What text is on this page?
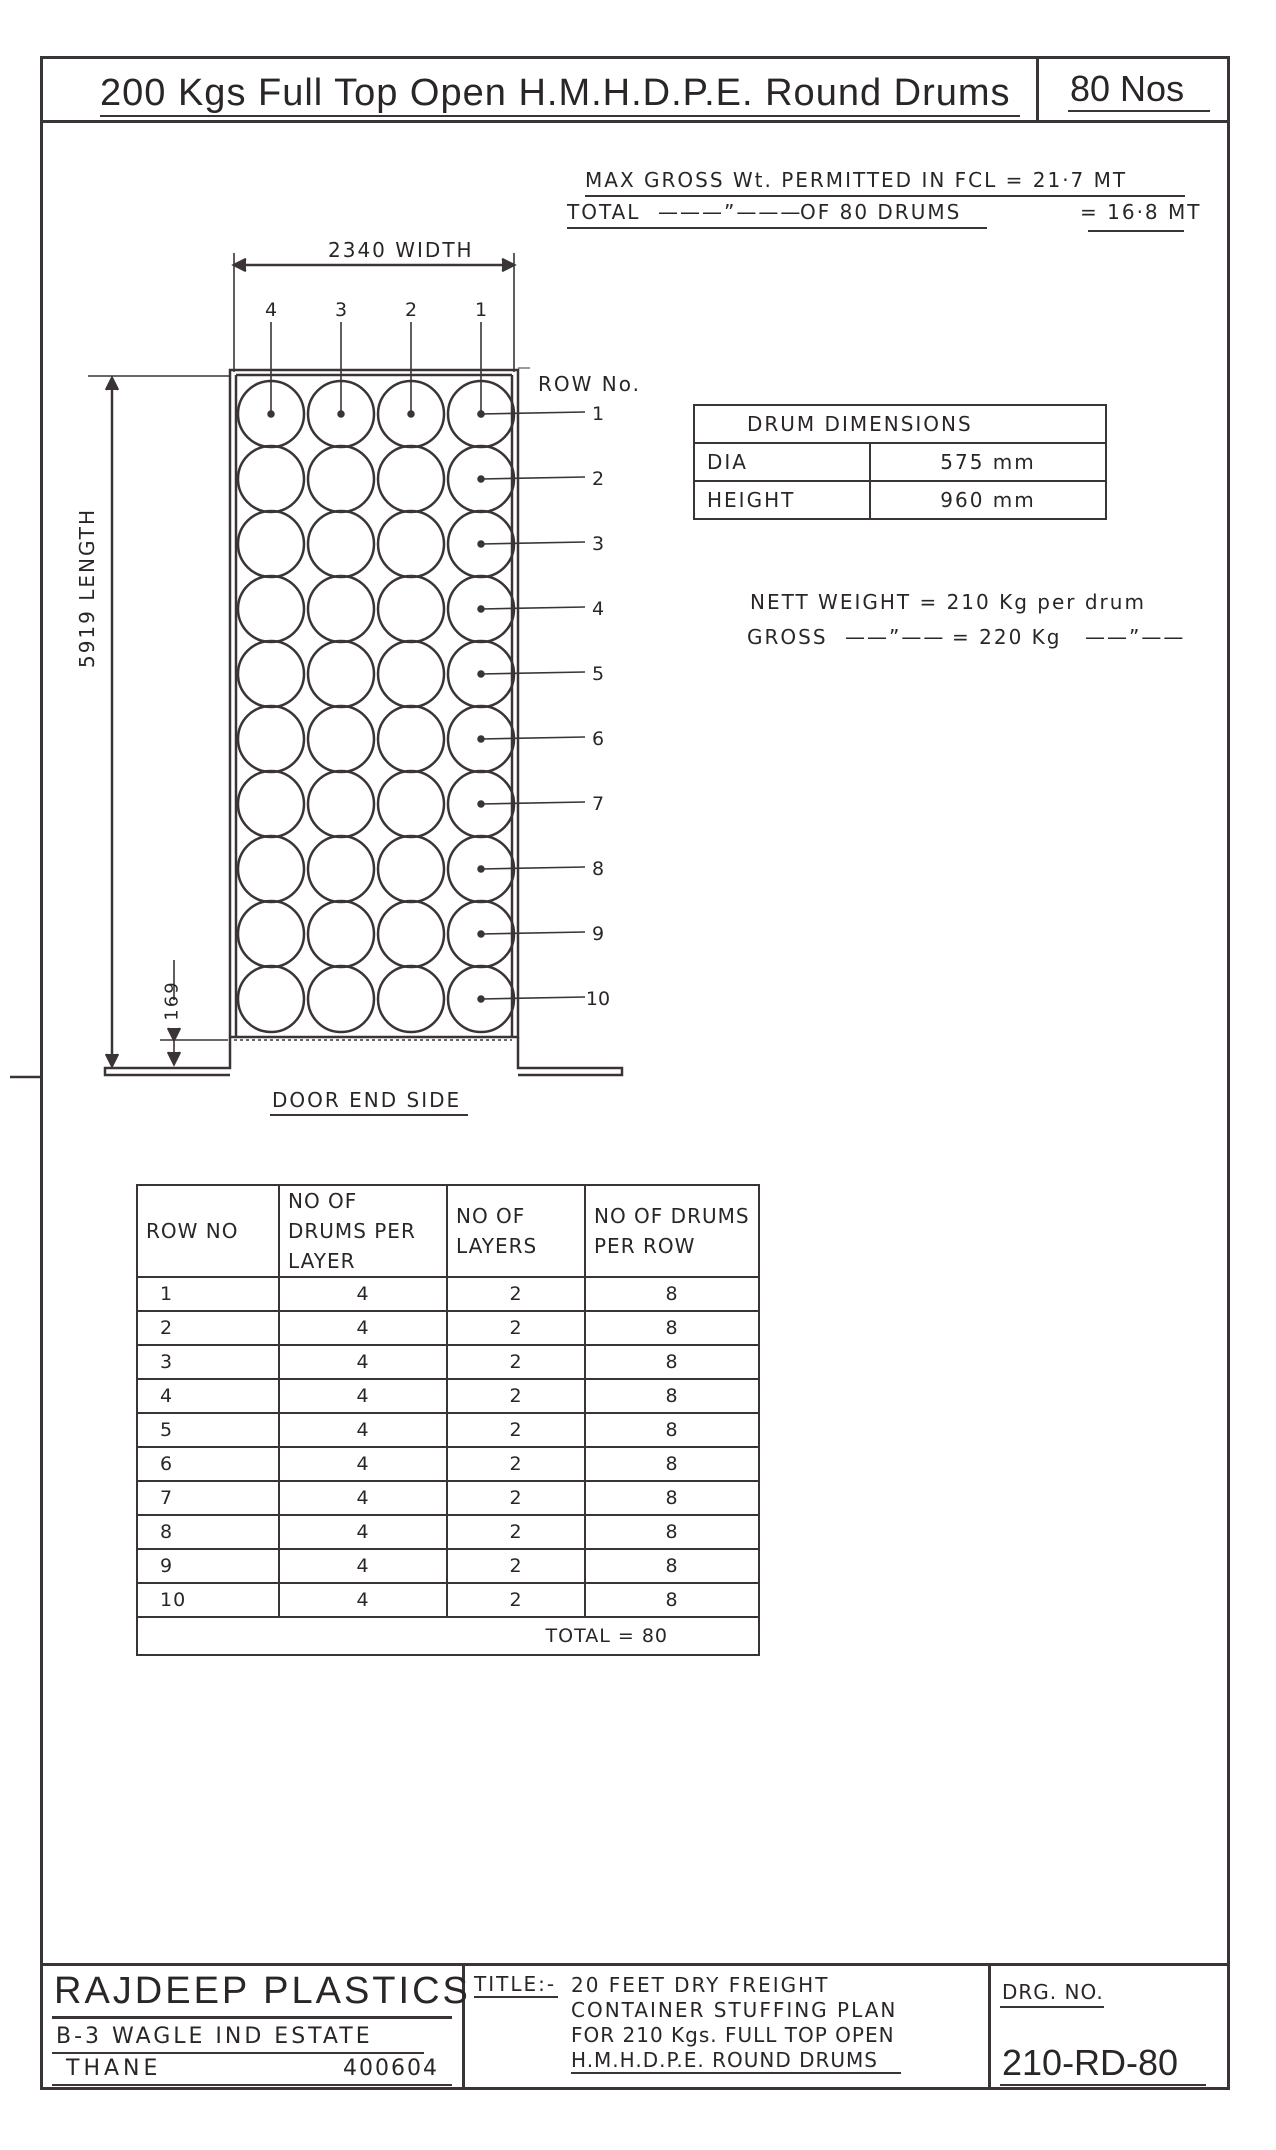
200 Kgs Full Top Open H.M.H.D.P.E. Round Drums 80 Nos
MAX GROSS Wt. PERMITTED IN FCL = 21·7 MT
TOTAL ———”———
OF 80 DRUMS	= 16·8 MT
1
2
3
4
5
6
7
8
9
10
4	3	2	1
2340 WIDTH
ROW No.
5919 LENGTH
169
DOOR END SIDE
DRUM DIMENSIONS	
DIA	575 mm
HEIGHT	960 mm
NETT WEIGHT = 210 Kg per drum
GROSS ——”—— = 220 Kg ——”——
ROW NO	NO OF DRUMS PER LAYER	NO OF LAYERS	NO OF DRUMS PER ROW
1	4	2	8
2	4	2	8
3	4	2	8
4	4	2	8
5	4	2	8
6	4	2	8
7	4	2	8
8	4	2	8
9	4	2	8
10	4	2	8
TOTAL = 80			
RAJDEEP PLASTICS
B-3 WAGLE IND ESTATE
THANE	400604
TITLE:- 20 FEET DRY FREIGHT
CONTAINER STUFFING PLAN
FOR 210 Kgs. FULL TOP OPEN
H.M.H.D.P.E. ROUND DRUMS
DRG. NO.
210-RD-80
